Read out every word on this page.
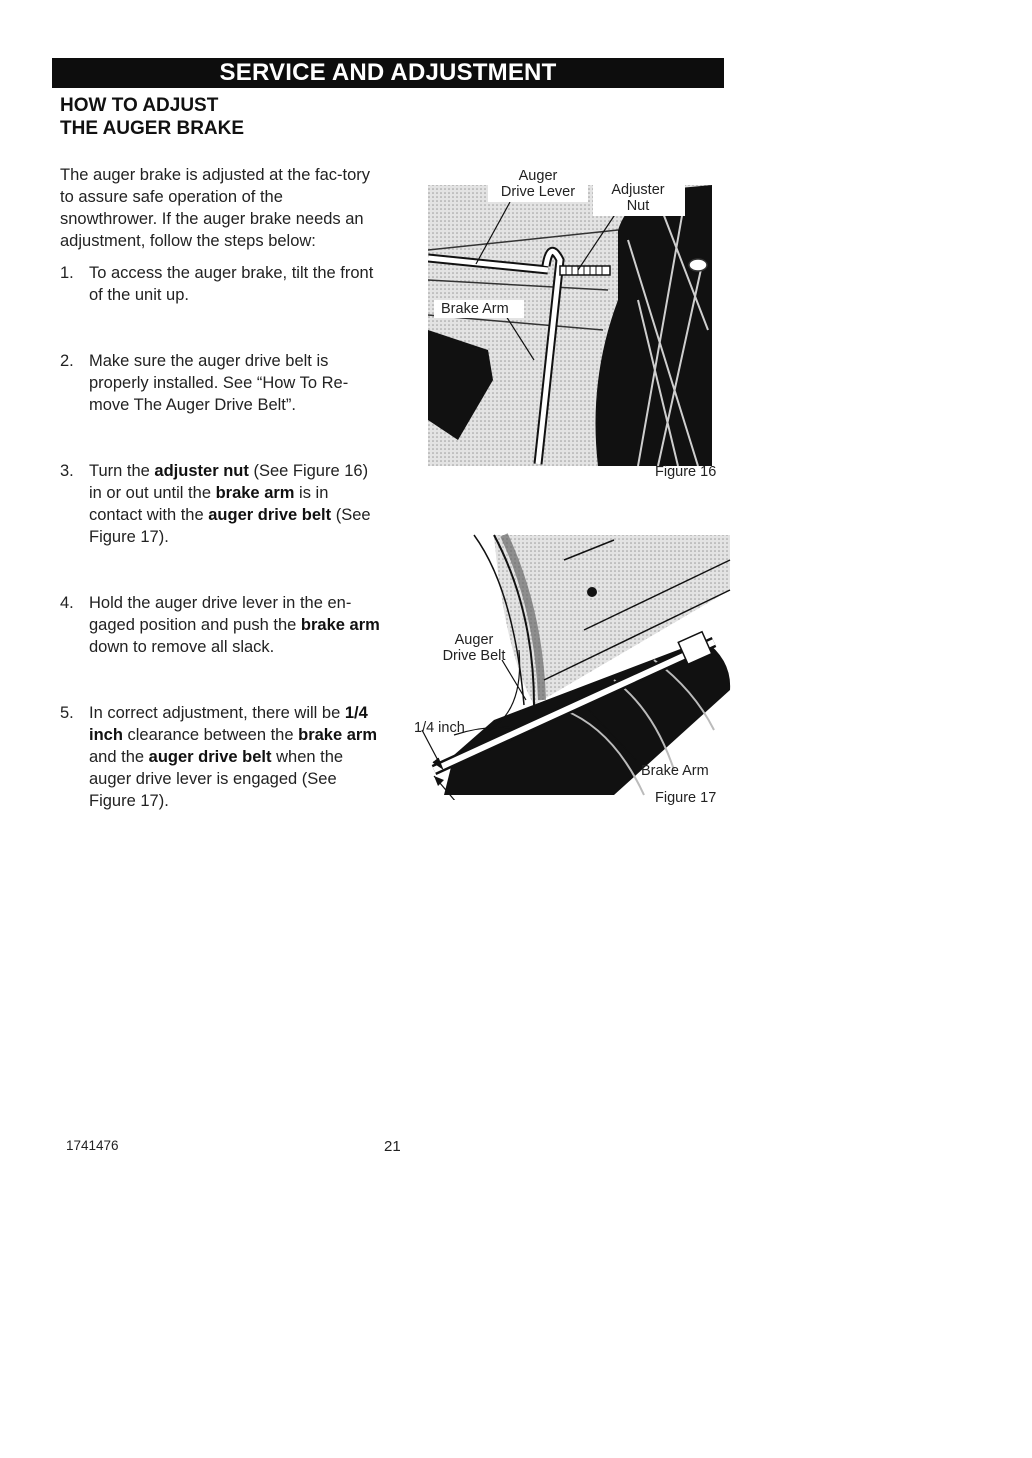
SERVICE AND ADJUSTMENT
HOW TO ADJUST
THE AUGER BRAKE
The auger brake is adjusted at the fac-tory to assure safe operation of the snowthrower. If the auger brake needs an adjustment, follow the steps below:
1. To access the auger brake, tilt the front of the unit up.
2. Make sure the auger drive belt is properly installed. See “How To Re-move The Auger Drive Belt”.
3. Turn the adjuster nut (See Figure 16) in or out until the brake arm is in contact with the auger drive belt (See Figure 17).
4. Hold the auger drive lever in the en-gaged position and push the brake arm down to remove all slack.
5. In correct adjustment, there will be 1/4 inch clearance between the brake arm and the auger drive belt when the auger drive lever is engaged (See Figure 17).
Auger
Drive Lever	Adjuster
Nut
Brake Arm
Figure 16
Auger
Drive Belt
1/4 inch
Brake Arm
Figure 17
1741476	21
